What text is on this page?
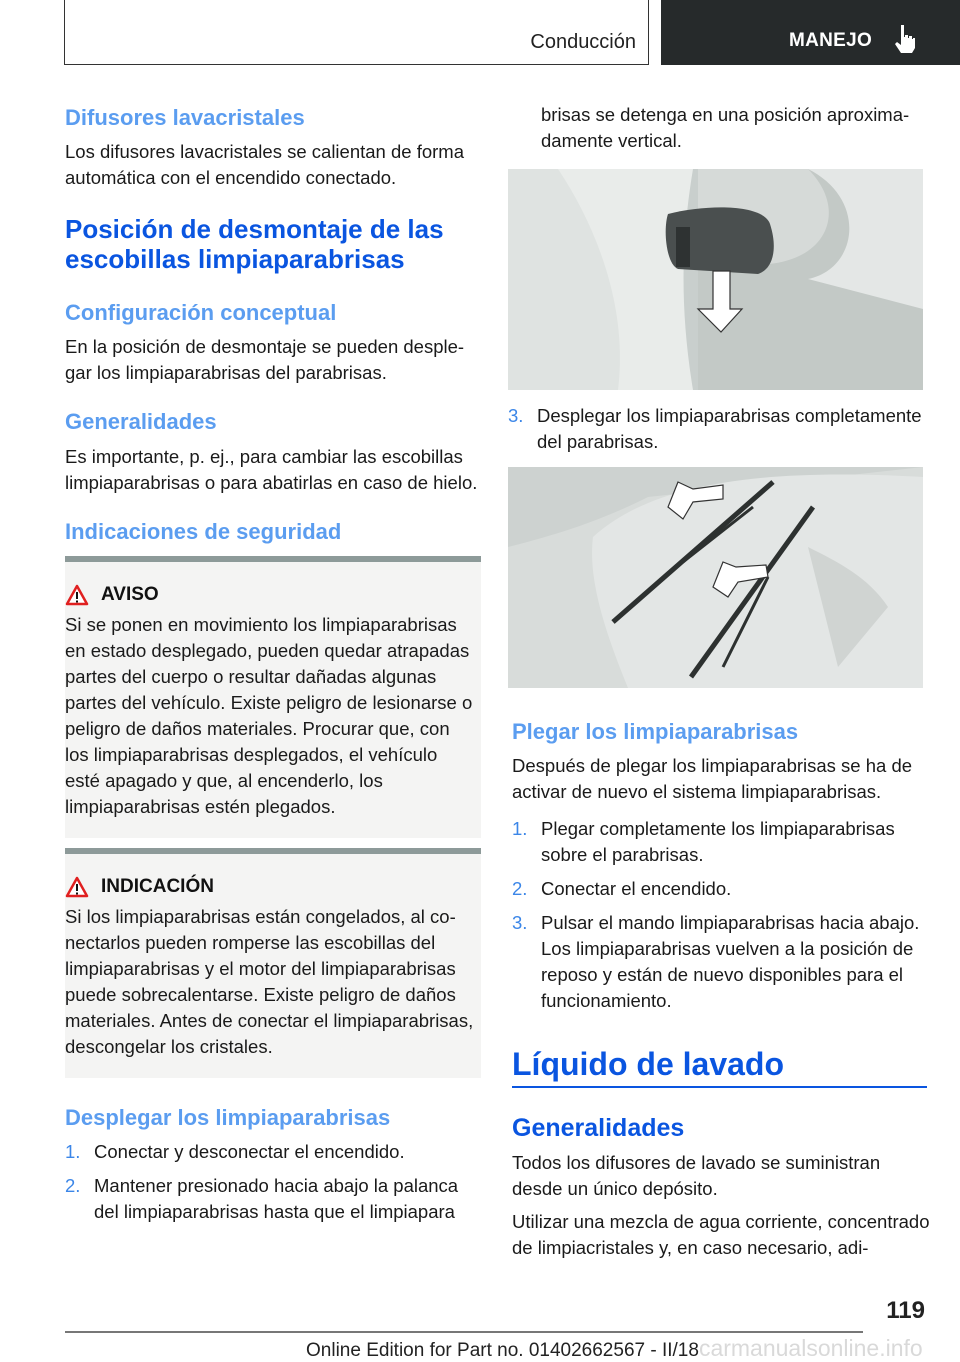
Conducción	MANEJO
Difusores lavacristales

Los difusores lavacristales se calientan de forma automática con el encendido conectado.

Posición de desmontaje de las escobillas limpiaparabrisas
Configuración conceptual

En la posición de desmontaje se pueden desplegar los limpiaparabrisas del parabrisas.

Generalidades

Es importante, p. ej., para cambiar las escobillas limpiaparabrisas o para abatirlas en caso de hielo.

Indicaciones de seguridad
AVISO

Si se ponen en movimiento los limpiaparabrisas en estado desplegado, pueden quedar atrapadas partes del cuerpo o resultar dañadas algunas partes del vehículo. Existe peligro de lesionarse o peligro de daños materiales. Procurar que, con los limpiaparabrisas desplegados, el vehículo esté apagado y que, al encenderlo, los limpiaparabrisas estén plegados.

INDICACIÓN

Si los limpiaparabrisas están congelados, al conectarlos pueden romperse las escobillas del limpiaparabrisas y el motor del limpiaparabrisas puede sobrecalentarse. Existe peligro de daños materiales. Antes de conectar el limpiaparabrisas, descongelar los cristales.

Desplegar los limpiaparabrisas
1. Conectar y desconectar el encendido.
2. Mantener presionado hacia abajo la palanca del limpiaparabrisas hasta que el limpiapara

brisas se detenga en una posición aproximadamente vertical.

3. Desplegar los limpiaparabrisas completamente del parabrisas.
Plegar los limpiaparabrisas

Después de plegar los limpiaparabrisas se ha de activar de nuevo el sistema limpiaparabrisas.

1. Plegar completamente los limpiaparabrisas sobre el parabrisas.
2. Conectar el encendido.
3. Pulsar el mando limpiaparabrisas hacia abajo. Los limpiaparabrisas vuelven a la posición de reposo y están de nuevo disponibles para el funcionamiento.
Líquido de lavado
Generalidades

Todos los difusores de lavado se suministran desde un único depósito.

Utilizar una mezcla de agua corriente, concentrado de limpiacristales y, en caso necesario, adi-

119
Online Edition for Part no. 01402662567 - II/18carmanualsonline.info
